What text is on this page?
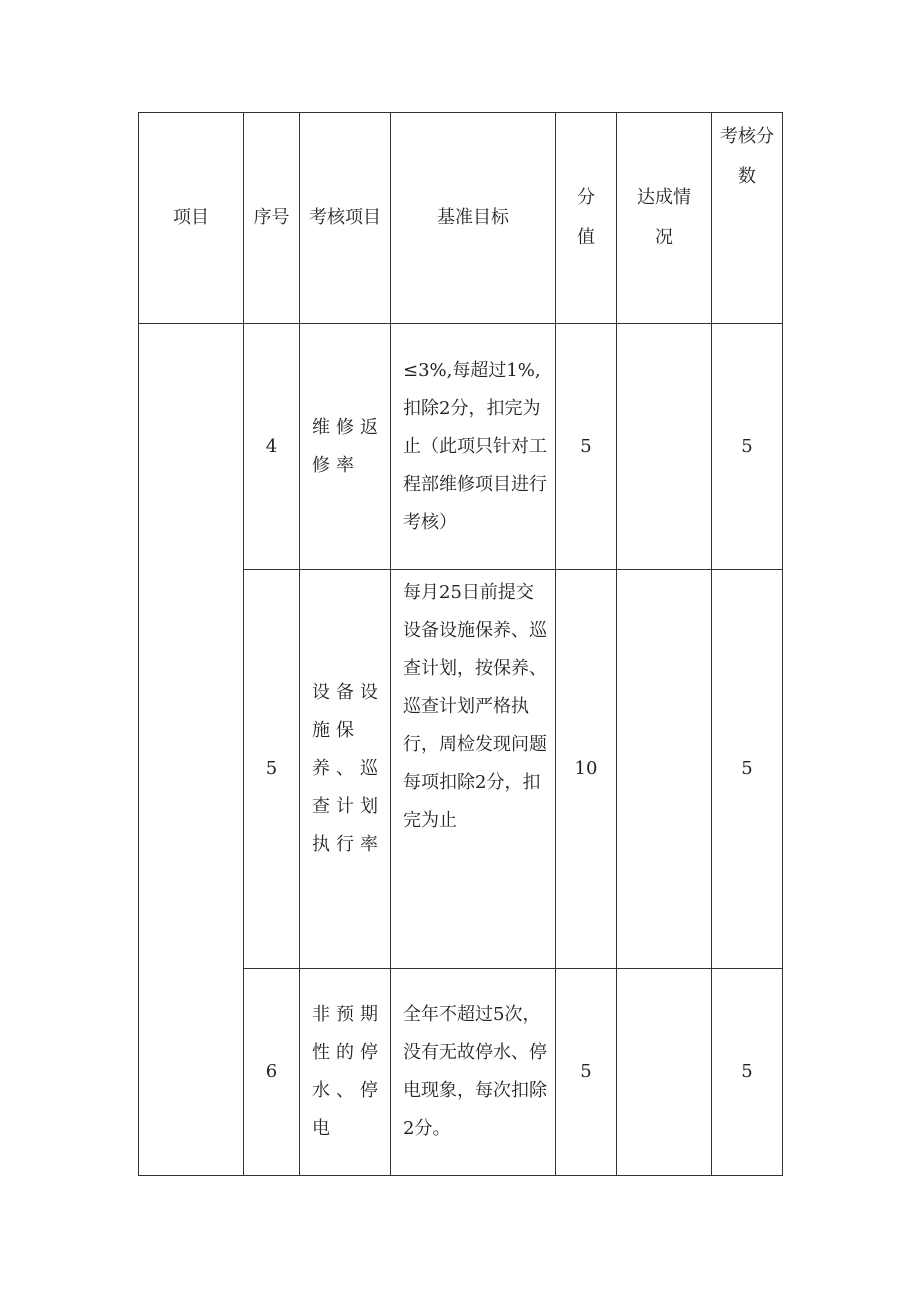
项目	序号	考核项目	基准目标	分值	达成情况	考核分数
	4	维修返修率	≤3%,每超过1%,扣除2分，扣完为止（此项只针对工程部维修项目进行考核）	5		5
	5	设备设施保养、巡查计划执行率	每月25日前提交设备设施保养、巡查计划，按保养、巡查计划严格执行，周检发现问题每项扣除2分，扣完为止	10		5
	6	非预期性的停水、停电	全年不超过5次，没有无故停水、停电现象，每次扣除2分。	5		5
